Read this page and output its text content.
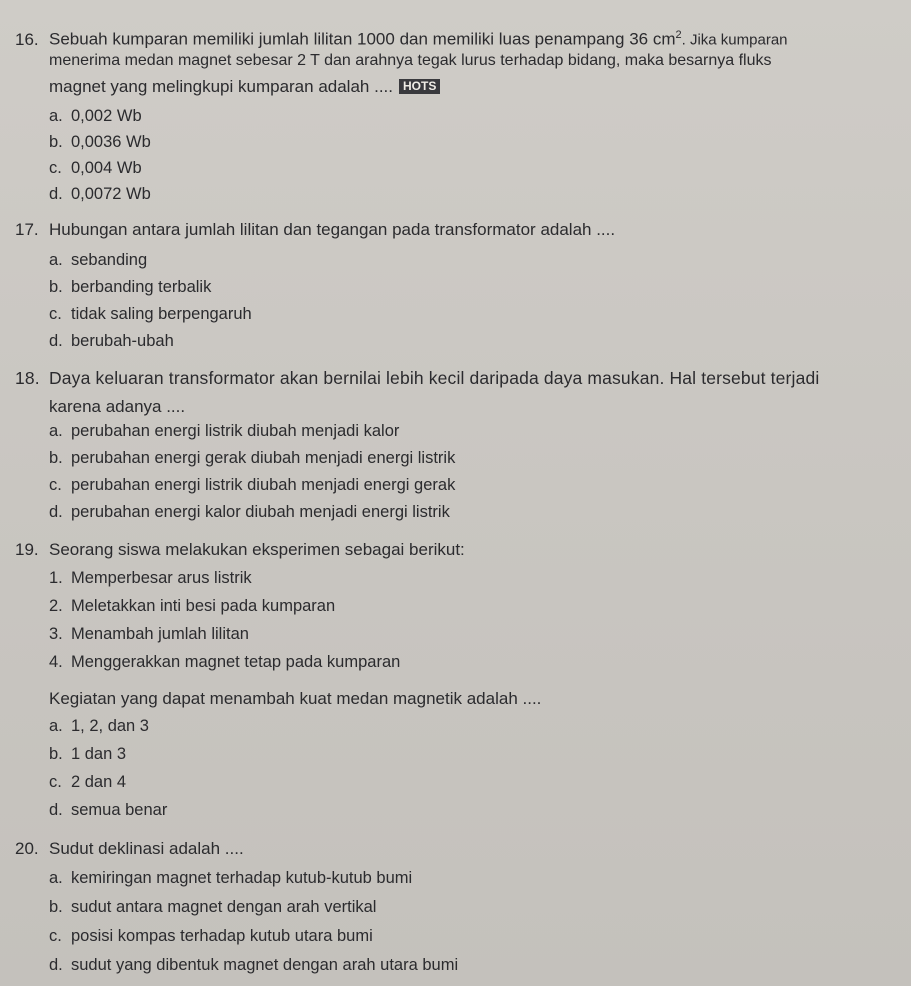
16. Sebuah kumparan memiliki jumlah lilitan 1000 dan memiliki luas penampang 36 $cm^2$. Jika kumparan
menerima medan magnet sebesar 2 T dan arahnya tegak lurus terhadap bidang, maka besarnya fluks
magnet yang melingkupi kumparan adalah .... HOTS
a. 0,002 Wb
b. 0,0036 Wb
c. 0,004 Wb
d. 0,0072 Wb
17. Hubungan antara jumlah lilitan dan tegangan pada transformator adalah ....
a. sebanding
b. berbanding terbalik
c. tidak saling berpengaruh
d. berubah-ubah
18. Daya keluaran transformator akan bernilai lebih kecil daripada daya masukan. Hal tersebut terjadi
karena adanya ....
a. perubahan energi listrik diubah menjadi kalor
b. perubahan energi gerak diubah menjadi energi listrik
c. perubahan energi listrik diubah menjadi energi gerak
d. perubahan energi kalor diubah menjadi energi listrik
19. Seorang siswa melakukan eksperimen sebagai berikut:
1. Memperbesar arus listrik
2. Meletakkan inti besi pada kumparan
3. Menambah jumlah lilitan
4. Menggerakkan magnet tetap pada kumparan
Kegiatan yang dapat menambah kuat medan magnetik adalah ....
a. 1, 2, dan 3
b. 1 dan 3
c. 2 dan 4
d. semua benar
20. Sudut deklinasi adalah ....
a. kemiringan magnet terhadap kutub-kutub bumi
b. sudut antara magnet dengan arah vertikal
c. posisi kompas terhadap kutub utara bumi
d. sudut yang dibentuk magnet dengan arah utara bumi
